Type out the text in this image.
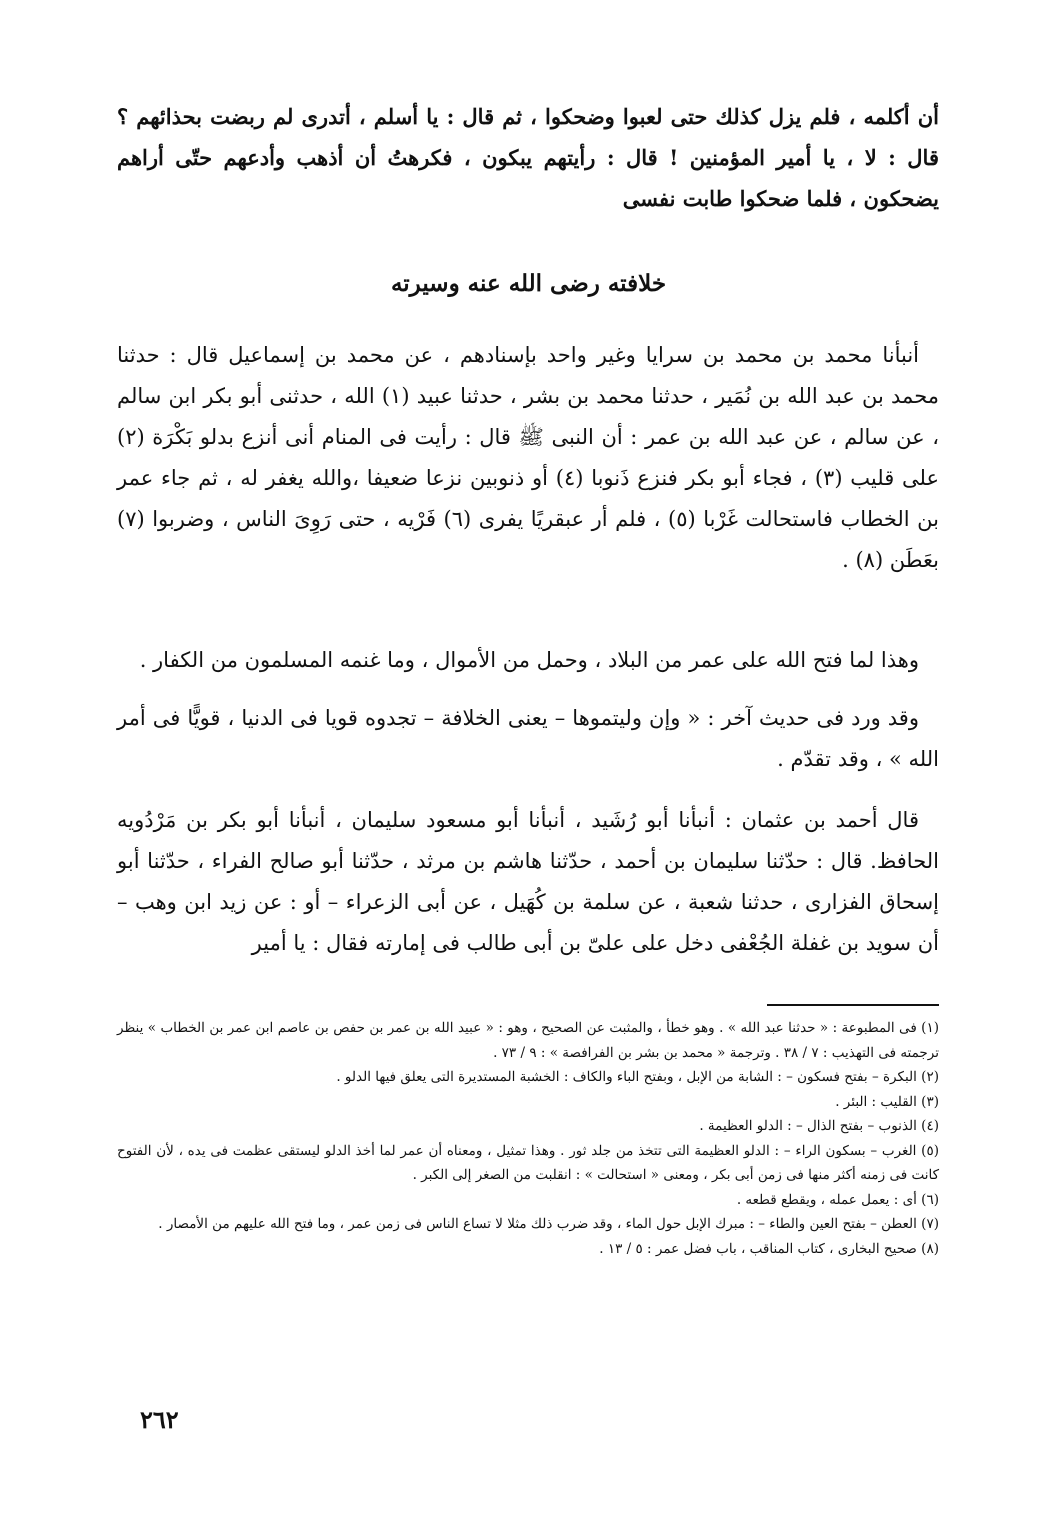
أن أكلمه ، فلم يزل كذلك حتى لعبوا وضحكوا ، ثم قال : يا أسلم ، أتدرى لم ربضت بحذائهم ؟ قال : لا ، يا أمير المؤمنين ! قال : رأيتهم يبكون ، فكرهتُ أن أذهب وأدعهم حتّى أراهم يضحكون ، فلما ضحكوا طابت نفسى

خلافته رضى الله عنه وسيرته

أنبأنا محمد بن محمد بن سرايا وغير واحد بإسنادهم ، عن محمد بن إسماعيل قال : حدثنا محمد بن عبد الله بن نُمَير ، حدثنا محمد بن بشر ، حدثنا عبيد (١) الله ، حدثنى أبو بكر ابن سالم ، عن سالم ، عن عبد الله بن عمر : أن النبى ﷺ قال : رأيت فى المنام أنى أنزع بدلو بَكْرَة (٢) على قليب (٣) ، فجاء أبو بكر فنزع ذَنوبا (٤) أو ذنوبين نزعا ضعيفا ،والله يغفر له ، ثم جاء عمر بن الخطاب فاستحالت غَرْبا (٥) ، فلم أر عبقريًا يفرى (٦) فَرْيه ، حتى رَوِىَ الناس ، وضربوا (٧) بعَطَن (٨) .

وهذا لما فتح الله على عمر من البلاد ، وحمل من الأموال ، وما غنمه المسلمون من الكفار .

وقد ورد فى حديث آخر : « وإن وليتموها – يعنى الخلافة – تجدوه قويا فى الدنيا ، قويًّا فى أمر الله » ، وقد تقدّم .

قال أحمد بن عثمان : أنبأنا أبو رُشَيد ، أنبأنا أبو مسعود سليمان ، أنبأنا أبو بكر بن مَرْدُويه الحافظ. قال : حدّثنا سليمان بن أحمد ، حدّثنا هاشم بن مرثد ، حدّثنا أبو صالح الفراء ، حدّثنا أبو إسحاق الفزارى ، حدثنا شعبة ، عن سلمة بن كُهَيل ، عن أبى الزعراء – أو : عن زيد ابن وهب – أن سويد بن غفلة الجُعْفى دخل على علىّ بن أبى طالب فى إمارته فقال : يا أمير

(١) فى المطبوعة : « حدثنا عبد الله » . وهو خطأ ، والمثبت عن الصحيح ، وهو : « عبيد الله بن عمر بن حفص بن عاصم ابن عمر بن الخطاب » ينظر ترجمته فى التهذيب : ٧ / ٣٨ . وترجمة « محمد بن بشر بن الفرافصة » : ٩ / ٧٣ .

(٢) البكرة – بفتح فسكون – : الشابة من الإبل ، وبفتح الباء والكاف : الخشبة المستديرة التى يعلق فيها الدلو .

(٣) القليب : البئر .

(٤) الذنوب – بفتح الذال – : الدلو العظيمة .

(٥) الغرب – بسكون الراء – : الدلو العظيمة التى تتخذ من جلد ثور . وهذا تمثيل ، ومعناه أن عمر لما أخذ الدلو ليستقى عظمت فى يده ، لأن الفتوح كانت فى زمنه أكثر منها فى زمن أبى بكر ، ومعنى « استحالت » : انقلبت من الصغر إلى الكبر .

(٦) أى : يعمل عمله ، ويقطع قطعه .

(٧) العطن – بفتح العين والطاء – : مبرك الإبل حول الماء ، وقد ضرب ذلك مثلا لا تساع الناس فى زمن عمر ، وما فتح الله عليهم من الأمصار .

(٨) صحيح البخارى ، كتاب المناقب ، باب فضل عمر : ٥ / ١٣ .

٢٦٢
